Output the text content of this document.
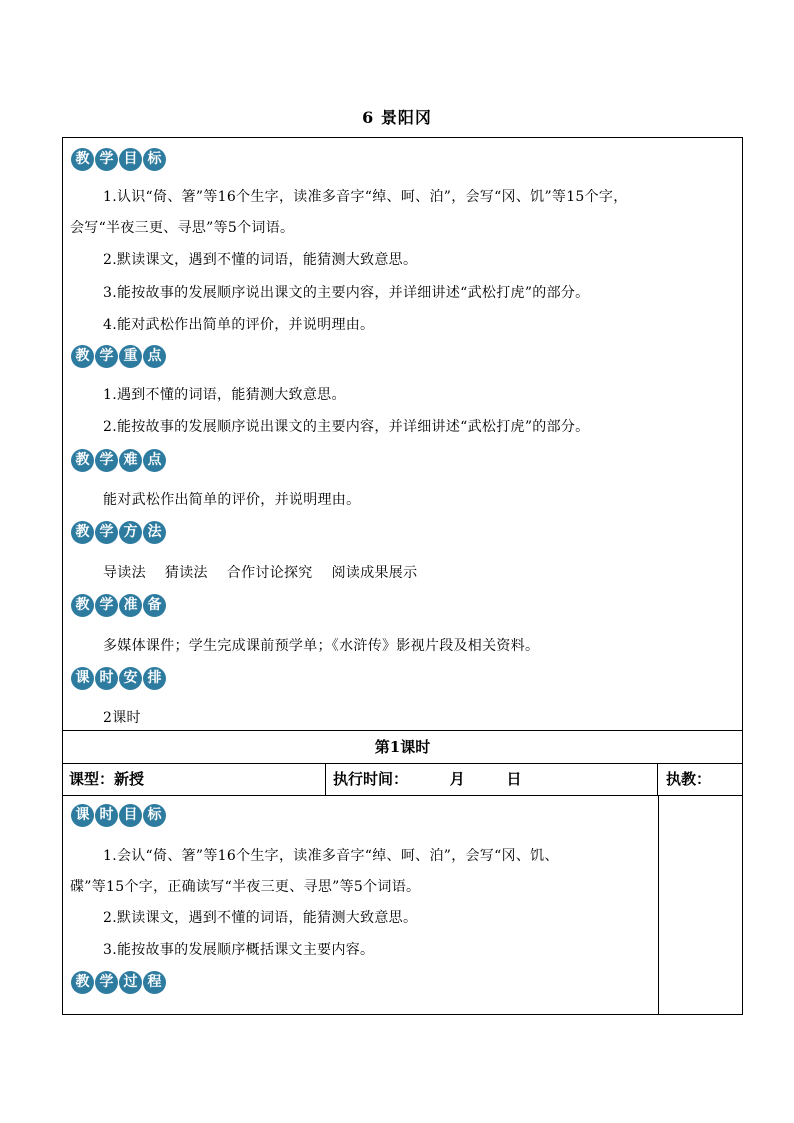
6 景阳冈
教 学 目 标
1.认识“倚、箸”等16个生字，读准多音字“绰、呵、泊”，会写“冈、饥”等15个字，
会写“半夜三更、寻思”等5个词语。
2.默读课文，遇到不懂的词语，能猜测大致意思。
3.能按故事的发展顺序说出课文的主要内容，并详细讲述“武松打虎”的部分。
4.能对武松作出简单的评价，并说明理由。
教 学 重 点
1.遇到不懂的词语，能猜测大致意思。
2.能按故事的发展顺序说出课文的主要内容，并详细讲述“武松打虎”的部分。
教 学 难 点
能对武松作出简单的评价，并说明理由。
教 学 方 法
导读法    猜读法    合作讨论探究    阅读成果展示
教 学 准 备
多媒体课件；学生完成课前预学单；《水浒传》影视片段及相关资料。
课 时 安 排
2课时
第1课时
课型：新授	执行时间：        月        日	执教：
课 时 目 标
1.会认“倚、箸”等16个生字，读准多音字“绰、呵、泊”，会写“冈、饥、
碟”等15个字，正确读写“半夜三更、寻思”等5个词语。
2.默读课文，遇到不懂的词语，能猜测大致意思。
3.能按故事的发展顺序概括课文主要内容。
教 学 过 程
